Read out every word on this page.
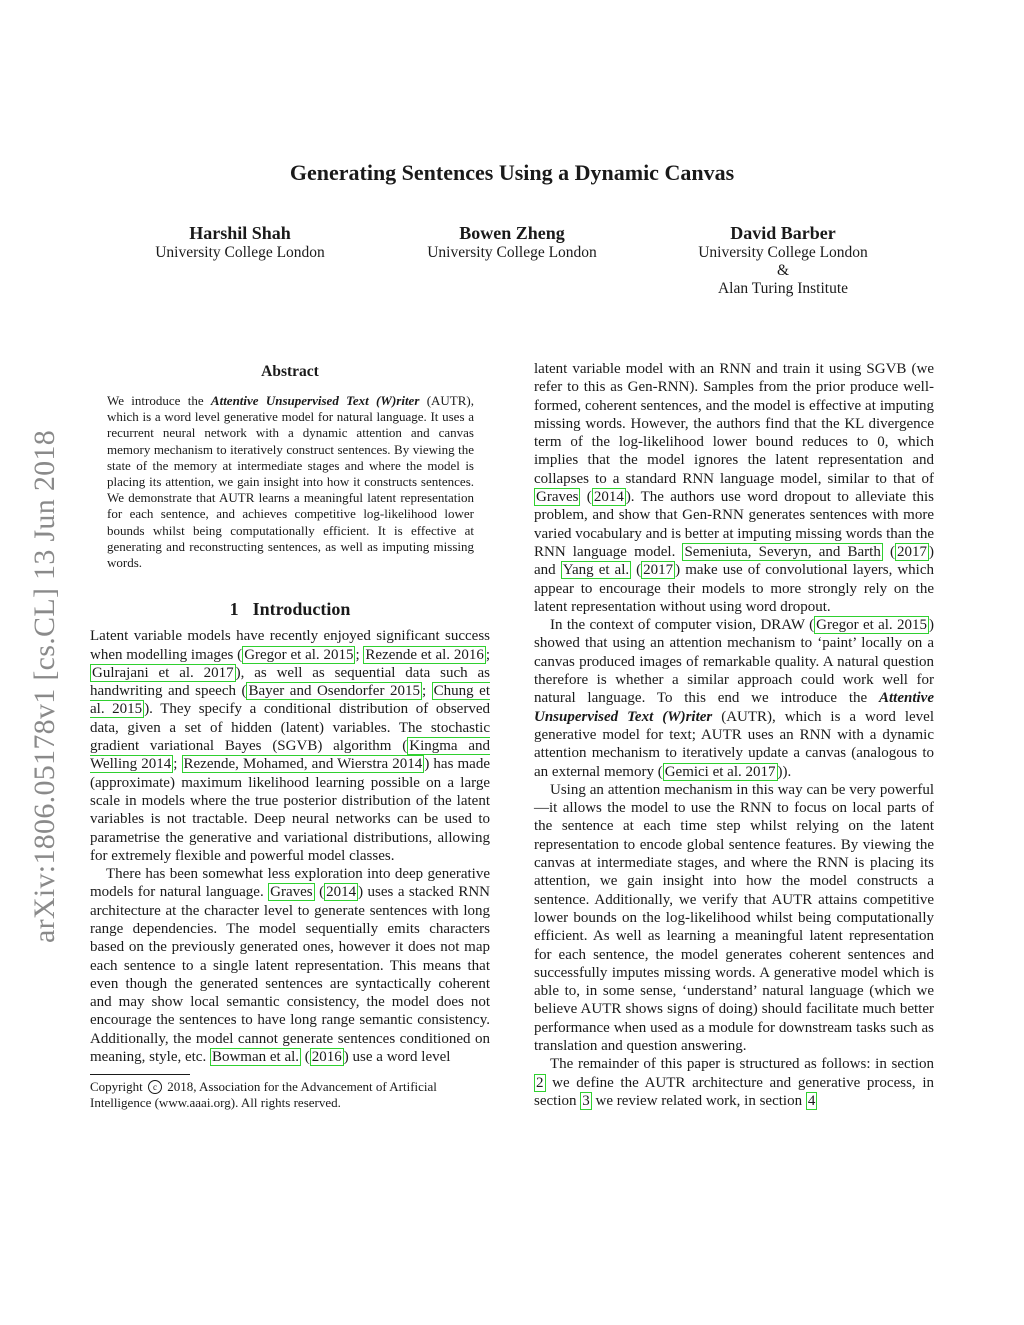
Generating Sentences Using a Dynamic Canvas
Harshil Shah
University College London
Bowen Zheng
University College London
David Barber
University College London
&
Alan Turing Institute
arXiv:1806.05178v1 [cs.CL] 13 Jun 2018
Abstract
We introduce the Attentive Unsupervised Text (W)riter (AUTR), which is a word level generative model for natural language. It uses a recurrent neural network with a dynamic attention and canvas memory mechanism to iteratively construct sentences. By viewing the state of the memory at intermediate stages and where the model is placing its attention, we gain insight into how it constructs sentences. We demonstrate that AUTR learns a meaningful latent representation for each sentence, and achieves competitive log-likelihood lower bounds whilst being computationally efficient. It is effective at generating and reconstructing sentences, as well as imputing missing words.
1 Introduction

Latent variable models have recently enjoyed significant success when modelling images ( Gregor et al. 2015 ; Rezende et al. 2016 ; Gulrajani et al. 2017 ), as well as sequential data such as handwriting and speech ( Bayer and Osendorfer 2015 ; Chung et al. 2015 ). They specify a conditional distribution of observed data, given a set of hidden (latent) variables. The stochastic gradient variational Bayes (SGVB) algorithm ( Kingma and Welling 2014 ; Rezende, Mohamed, and Wierstra 2014 ) has made (approximate) maximum likelihood learning possible on a large scale in models where the true posterior distribution of the latent variables is not tractable. Deep neural networks can be used to parametrise the generative and variational distributions, allowing for extremely flexible and powerful model classes.

There has been somewhat less exploration into deep generative models for natural language. Graves ( 2014 ) uses a stacked RNN architecture at the character level to generate sentences with long range dependencies. The model sequentially emits characters based on the previously generated ones, however it does not map each sentence to a single latent representation. This means that even though the generated sentences are syntactically coherent and may show local semantic consistency, the model does not encourage the sentences to have long range semantic consistency. Additionally, the model cannot generate sentences conditioned on meaning, style, etc. Bowman et al. ( 2016 ) use a word level

Copyright c 2018, Association for the Advancement of Artificial Intelligence (www.aaai.org). All rights reserved.

latent variable model with an RNN and train it using SGVB (we refer to this as Gen-RNN). Samples from the prior produce well-formed, coherent sentences, and the model is effective at imputing missing words. However, the authors find that the KL divergence term of the log-likelihood lower bound reduces to 0, which implies that the model ignores the latent representation and collapses to a standard RNN language model, similar to that of Graves ( 2014 ). The authors use word dropout to alleviate this problem, and show that Gen-RNN generates sentences with more varied vocabulary and is better at imputing missing words than the RNN language model. Semeniuta, Severyn, and Barth ( 2017 ) and Yang et al. ( 2017 ) make use of convolutional layers, which appear to encourage their models to more strongly rely on the latent representation without using word dropout.

In the context of computer vision, DRAW ( Gregor et al. 2015 ) showed that using an attention mechanism to ‘paint’ locally on a canvas produced images of remarkable quality. A natural question therefore is whether a similar approach could work well for natural language. To this end we introduce the Attentive Unsupervised Text (W)riter (AUTR), which is a word level generative model for text; AUTR uses an RNN with a dynamic attention mechanism to iteratively update a canvas (analogous to an external memory ( Gemici et al. 2017 )).

Using an attention mechanism in this way can be very powerful—it allows the model to use the RNN to focus on local parts of the sentence at each time step whilst relying on the latent representation to encode global sentence features. By viewing the canvas at intermediate stages, and where the RNN is placing its attention, we gain insight into how the model constructs a sentence. Additionally, we verify that AUTR attains competitive lower bounds on the log-likelihood whilst being computationally efficient. As well as learning a meaningful latent representation for each sentence, the model generates coherent sentences and successfully imputes missing words. A generative model which is able to, in some sense, ‘understand’ natural language (which we believe AUTR shows signs of doing) should facilitate much better performance when used as a module for downstream tasks such as translation and question answering.

The remainder of this paper is structured as follows: in section 2 we define the AUTR architecture and generative process, in section 3 we review related work, in section 4
